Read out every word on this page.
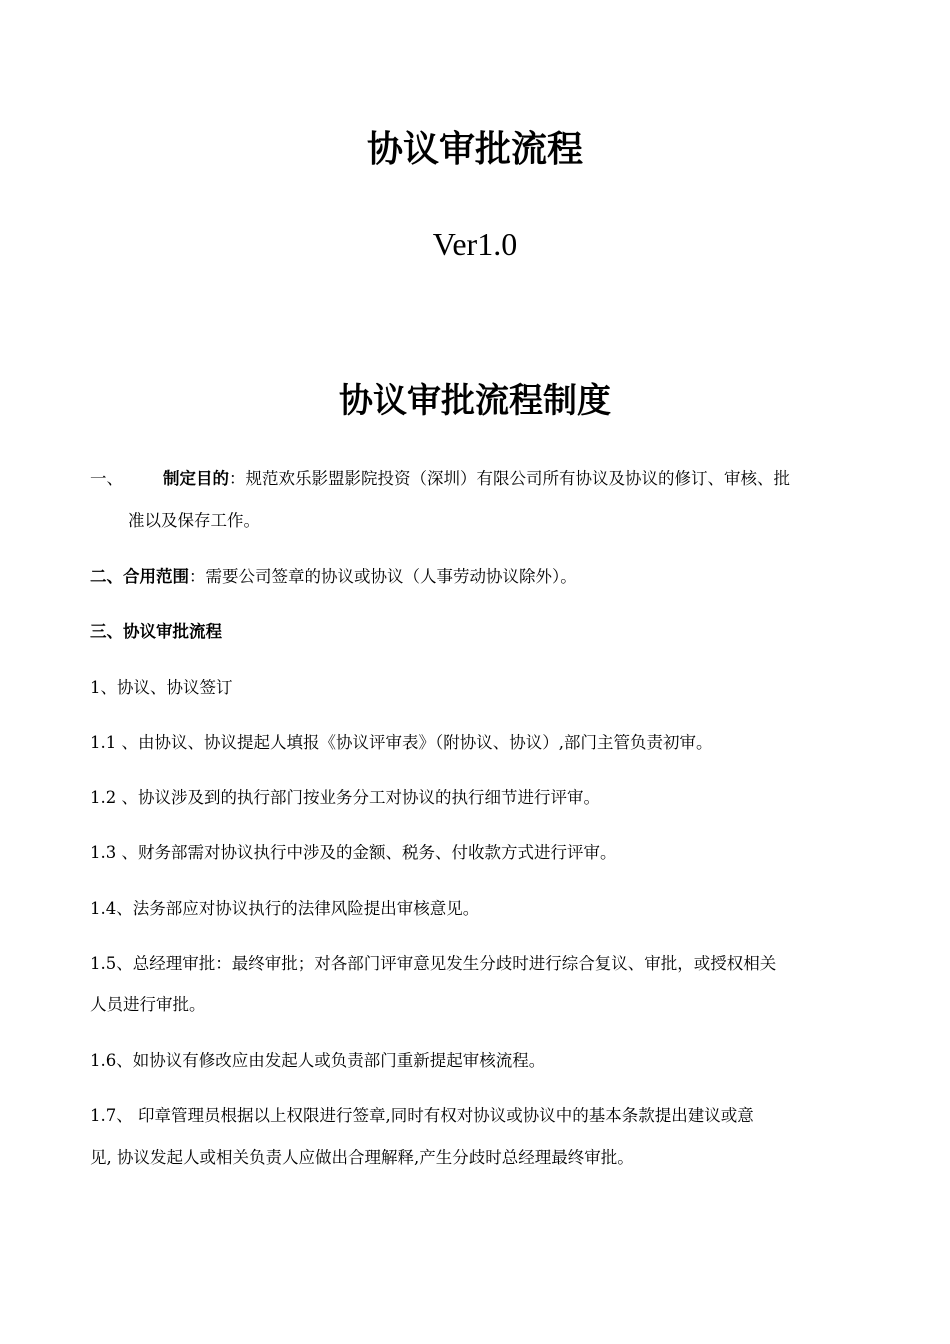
协议审批流程
Ver1.0
协议审批流程制度
一、 制定目的：规范欢乐影盟影院投资（深圳）有限公司所有协议及协议的修订、审核、批
准以及保存工作。
二、合用范围：需要公司签章的协议或协议（人事劳动协议除外）。
三、协议审批流程
1、协议、协议签订
1.1 、由协议、协议提起人填报《协议评审表》（附协议、协议）,部门主管负责初审。
1.2 、协议涉及到的执行部门按业务分工对协议的执行细节进行评审。
1.3 、财务部需对协议执行中涉及的金额、税务、付收款方式进行评审。
1.4、法务部应对协议执行的法律风险提出审核意见。
1.5、总经理审批：最终审批；对各部门评审意见发生分歧时进行综合复议、审批，或授权相关
人员进行审批。
1.6、如协议有修改应由发起人或负责部门重新提起审核流程。
1.7、 印章管理员根据以上权限进行签章,同时有权对协议或协议中的基本条款提出建议或意
见, 协议发起人或相关负责人应做出合理解释,产生分歧时总经理最终审批。
